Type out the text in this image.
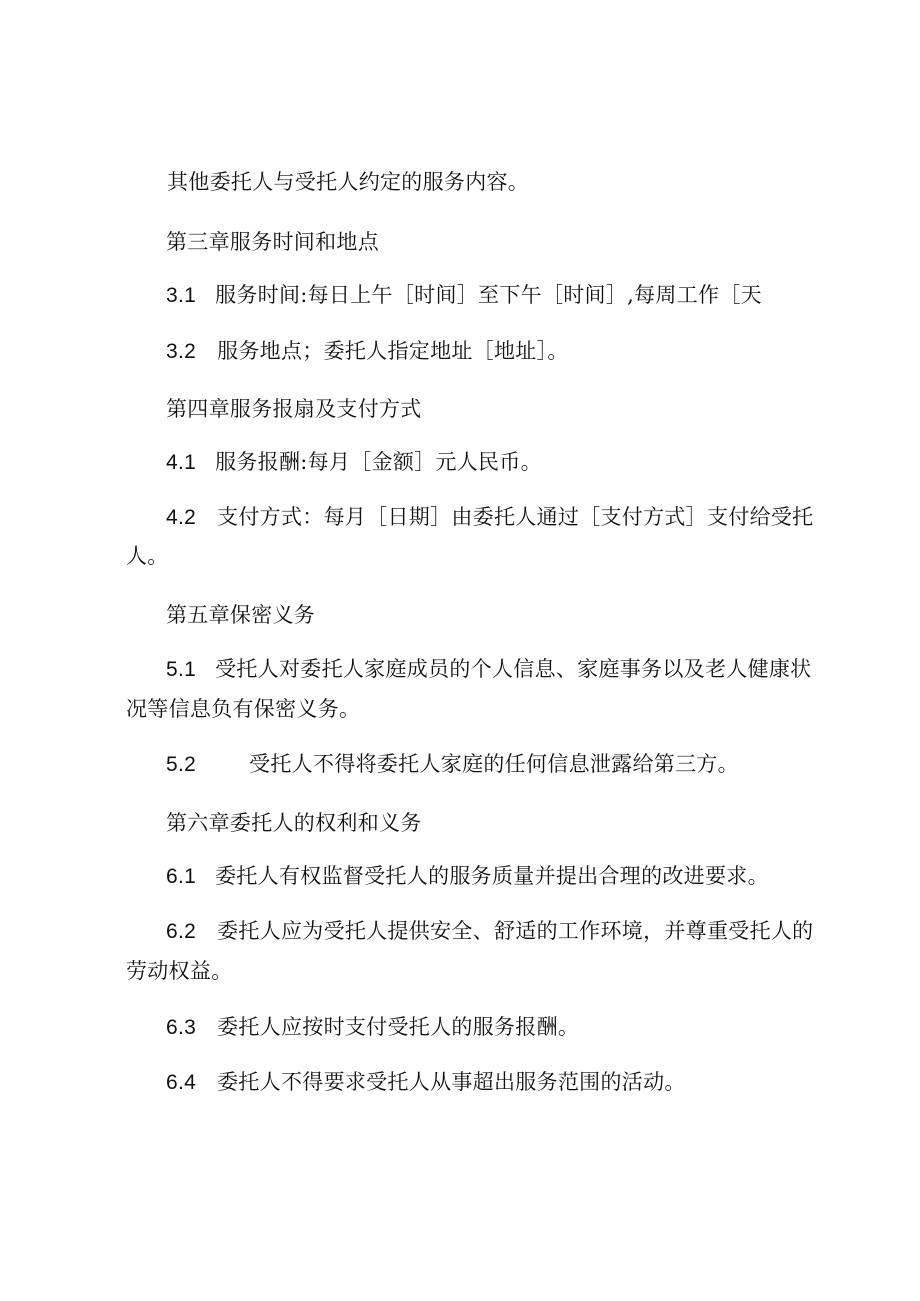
其他委托人与受托人约定的服务内容。
第三章服务时间和地点
3.1 服务时间:每日上午［时间］至下午［时间］,每周工作［天
3.2 服务地点；委托人指定地址［地址］。
第四章服务报扇及支付方式
4.1 服务报酬:每月［金额］元人民币。
4.2 支付方式：每月［日期］由委托人通过［支付方式］支付给受托
人。
第五章保密义务
5.1 受托人对委托人家庭成员的个人信息、家庭事务以及老人健康状
况等信息负有保密义务。
5.2	受托人不得将委托人家庭的任何信息泄露给第三方。
第六章委托人的权利和义务
6.1 委托人有权监督受托人的服务质量并提出合理的改进要求。
6.2 委托人应为受托人提供安全、舒适的工作环境，并尊重受托人的
劳动权益。
6.3 委托人应按时支付受托人的服务报酬。
6.4 委托人不得要求受托人从事超出服务范围的活动。
